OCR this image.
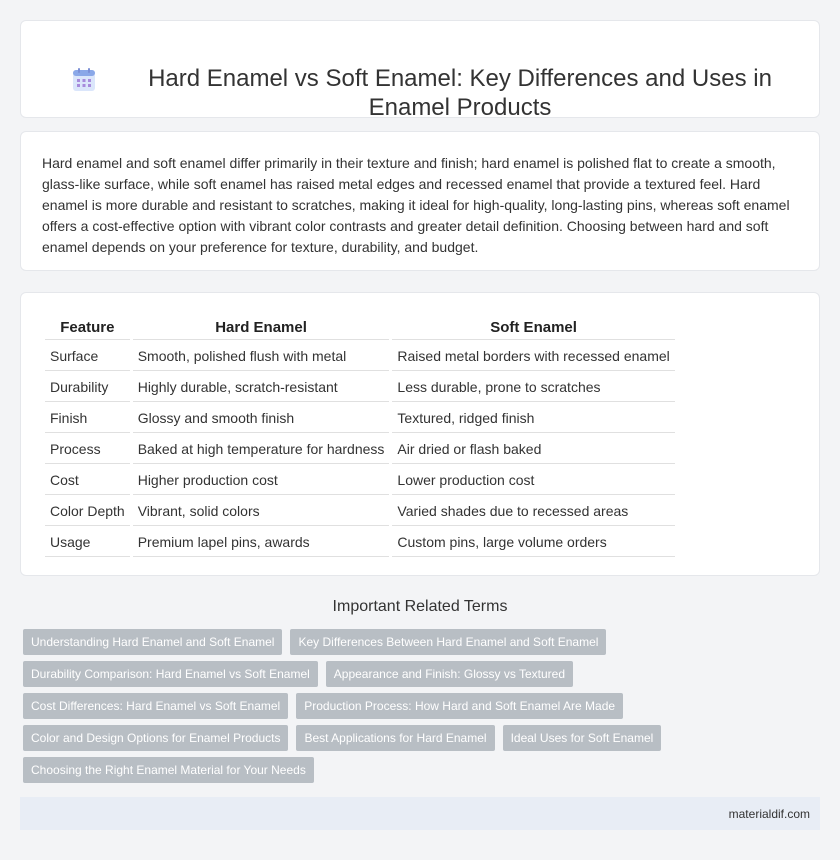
Hard Enamel vs Soft Enamel: Key Differences and Uses in Enamel Products

Hard enamel and soft enamel differ primarily in their texture and finish; hard enamel is polished flat to create a smooth, glass-like surface, while soft enamel has raised metal edges and recessed enamel that provide a textured feel. Hard enamel is more durable and resistant to scratches, making it ideal for high-quality, long-lasting pins, whereas soft enamel offers a cost-effective option with vibrant color contrasts and greater detail definition. Choosing between hard and soft enamel depends on your preference for texture, durability, and budget.

Feature	Hard Enamel	Soft Enamel
Surface	Smooth, polished flush with metal	Raised metal borders with recessed enamel
Durability	Highly durable, scratch-resistant	Less durable, prone to scratches
Finish	Glossy and smooth finish	Textured, ridged finish
Process	Baked at high temperature for hardness	Air dried or flash baked
Cost	Higher production cost	Lower production cost
Color Depth	Vibrant, solid colors	Varied shades due to recessed areas
Usage	Premium lapel pins, awards	Custom pins, large volume orders
Important Related Terms
Understanding Hard Enamel and Soft Enamel	Key Differences Between Hard Enamel and Soft Enamel
Durability Comparison: Hard Enamel vs Soft Enamel	Appearance and Finish: Glossy vs Textured
Cost Differences: Hard Enamel vs Soft Enamel	Production Process: How Hard and Soft Enamel Are Made
Color and Design Options for Enamel Products	Best Applications for Hard Enamel	Ideal Uses for Soft Enamel
Choosing the Right Enamel Material for Your Needs
materialdif.com
